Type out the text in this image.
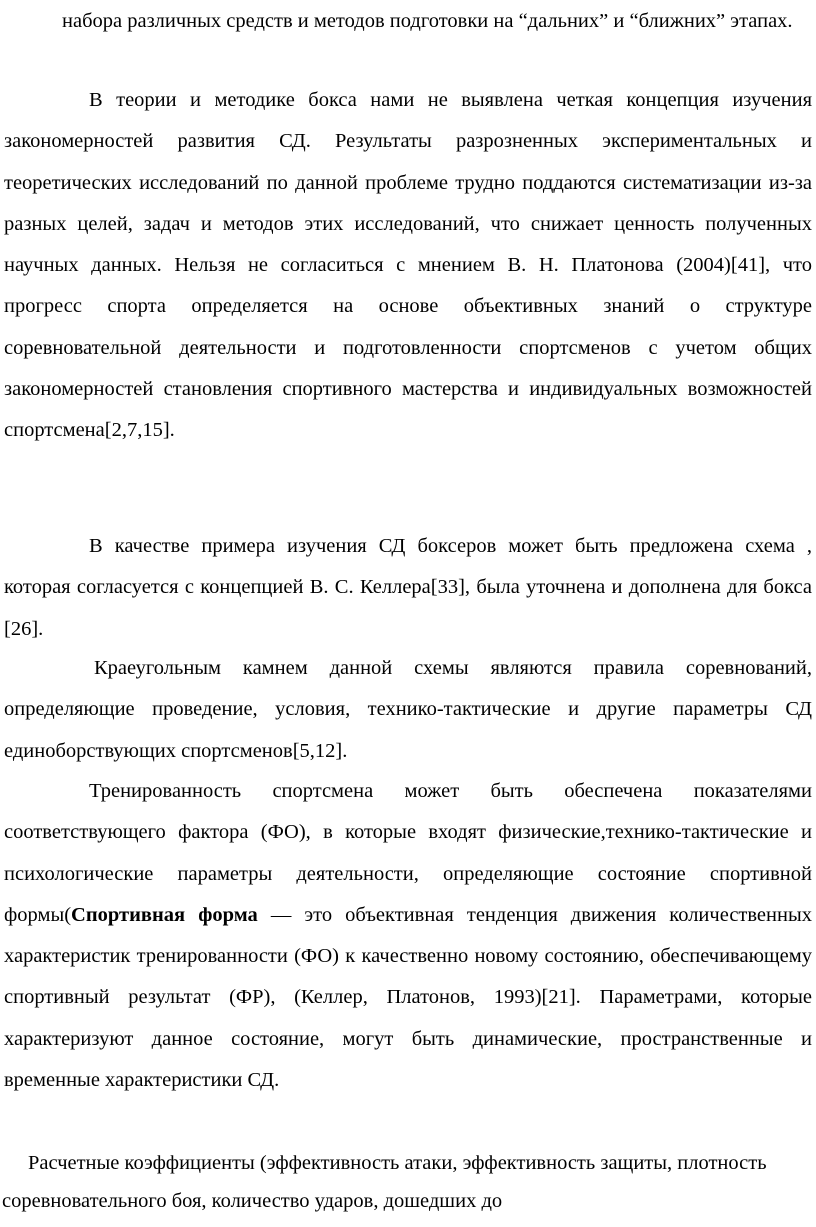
набора различных средств и методов подготовки на “дальних” и “ближних” этапах.

В теории и методике бокса нами не выявлена четкая концепция изучения закономерностей развития СД. Результаты разрозненных экспериментальных и теоретических исследований по данной проблеме трудно поддаются систематизации из-за разных целей, задач и методов этих исследований, что снижает ценность полученных научных данных. Нельзя не согласиться с мнением В. Н. Платонова (2004)[41], что прогресс спорта определяется на основе объективных знаний о структуре соревновательной деятельности и подготовленности спортсменов с учетом общих закономерностей становления спортивного мастерства и индивидуальных возможностей спортсмена[2,7,15].

В качестве примера изучения СД боксеров может быть предложена схема , которая согласуется с концепцией В. С. Келлера[33], была уточнена и дополнена для бокса [26].

Краеугольным камнем данной схемы являются правила соревнований, определяющие проведение, условия, технико-тактические и другие параметры СД единоборствующих спортсменов[5,12].

Тренированность спортсмена может быть обеспечена показателями соответствующего фактора (ФО), в которые входят физические,технико-тактические и психологические параметры деятельности, определяющие состояние спортивной формы(Спортивная форма — это объективная тенденция движения количественных характеристик тренированности (ФО) к качественно новому состоянию, обеспечивающему спортивный результат (ФР), (Келлер, Платонов, 1993)[21]. Параметрами, которые характеризуют данное состояние, могут быть динамические, пространственные и временные характеристики СД.

Расчетные коэффициенты (эффективность атаки, эффективность защиты, плотность соревновательного боя, количество ударов, дошедших до
